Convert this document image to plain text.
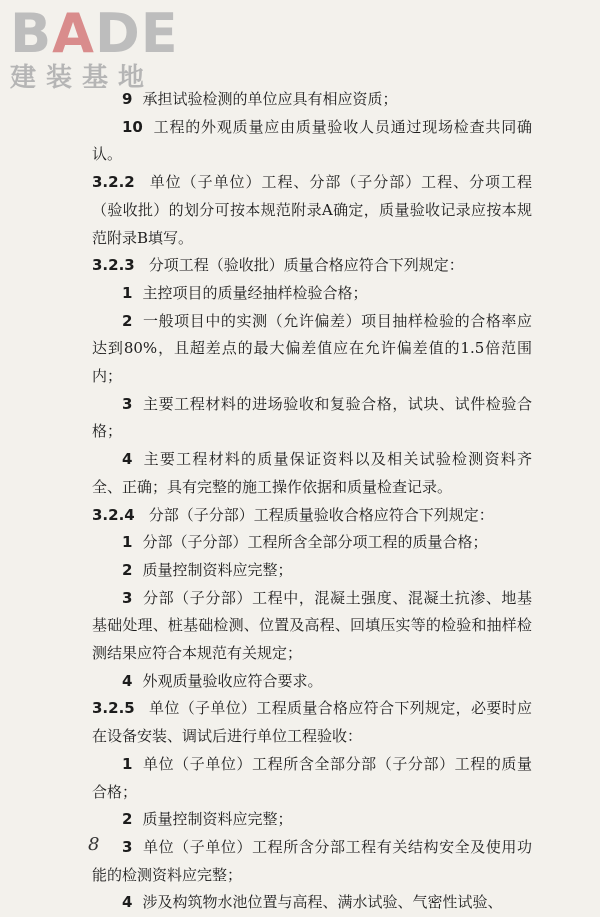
BADE
建装基地

9 承担试验检测的单位应具有相应资质；

10 工程的外观质量应由质量验收人员通过现场检查共同确认。

3.2.2 单位（子单位）工程、分部（子分部）工程、分项工程（验收批）的划分可按本规范附录A确定，质量验收记录应按本规范附录B填写。

3.2.3 分项工程（验收批）质量合格应符合下列规定：

1 主控项目的质量经抽样检验合格；

2 一般项目中的实测（允许偏差）项目抽样检验的合格率应达到80%，且超差点的最大偏差值应在允许偏差值的1.5倍范围内；

3 主要工程材料的进场验收和复验合格，试块、试件检验合格；

4 主要工程材料的质量保证资料以及相关试验检测资料齐全、正确；具有完整的施工操作依据和质量检查记录。

3.2.4 分部（子分部）工程质量验收合格应符合下列规定：

1 分部（子分部）工程所含全部分项工程的质量合格；

2 质量控制资料应完整；

3 分部（子分部）工程中，混凝土强度、混凝土抗渗、地基基础处理、桩基础检测、位置及高程、回填压实等的检验和抽样检测结果应符合本规范有关规定；

4 外观质量验收应符合要求。

3.2.5 单位（子单位）工程质量合格应符合下列规定，必要时应在设备安装、调试后进行单位工程验收：

1 单位（子单位）工程所含全部分部（子分部）工程的质量合格；

2 质量控制资料应完整；

3 单位（子单位）工程所含分部工程有关结构安全及使用功能的检测资料应完整；

4 涉及构筑物水池位置与高程、满水试验、气密性试验、

8
